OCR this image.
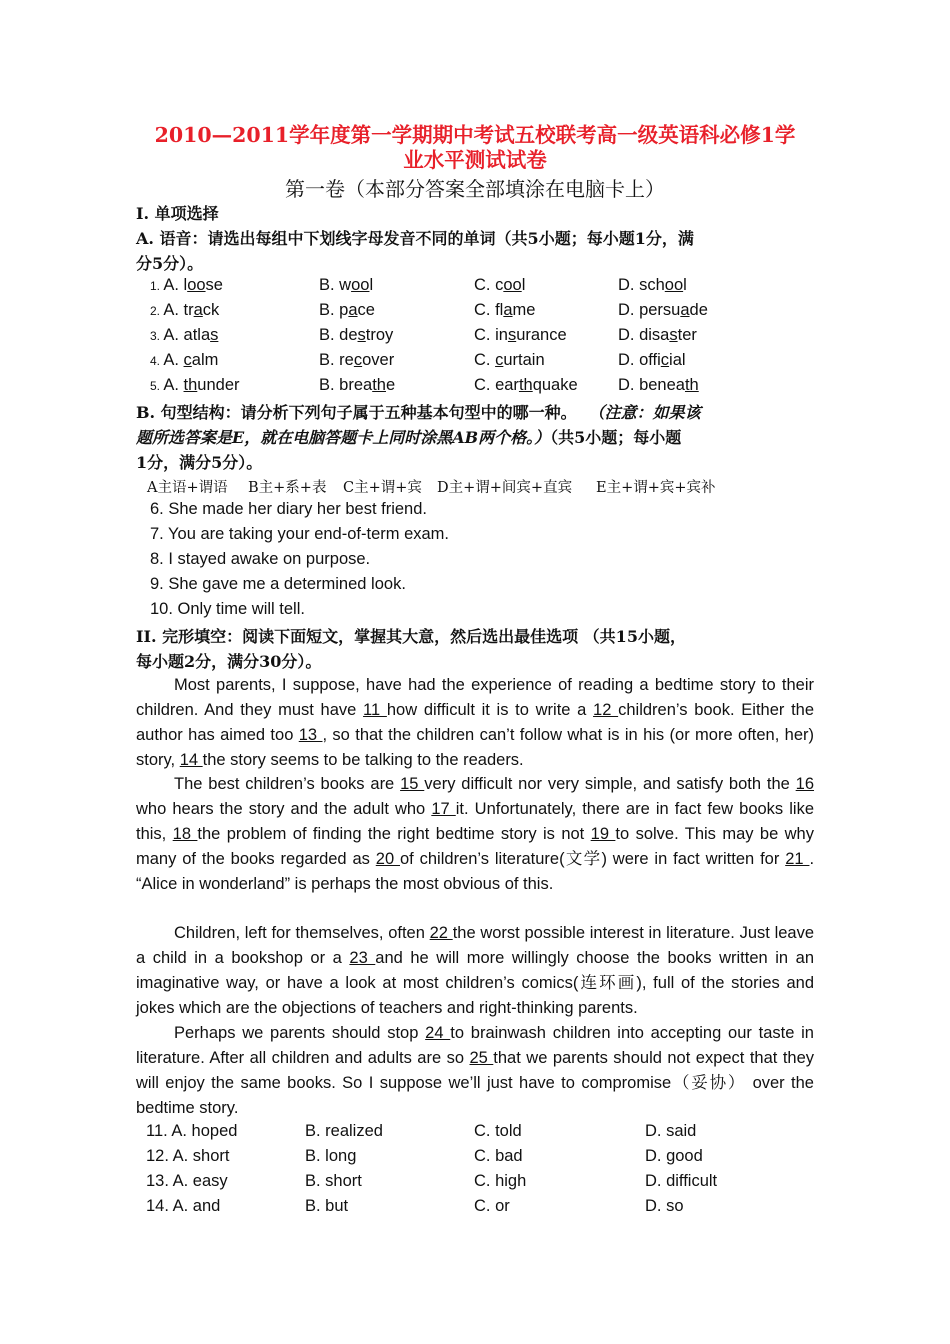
2010—2011学年度第一学期期中考试五校联考高一级英语科必修1学
业水平测试试卷
第一卷（本部分答案全部填涂在电脑卡上）
I. 单项选择
A. 语音：请选出每组中下划线字母发音不同的单词（共5小题；每小题1分，满
分5分）。
1. A. loose	B. wool	C. cool	D. school
2. A. track	B. pace	C. flame	D. persuade
3. A. atlas	B. destroy	C. insurance	D. disaster
4. A. calm	B. recover	C. curtain	D. official
5. A. thunder	B. breathe	C. earthquake D. beneath
B. 句型结构：请分析下列句子属于五种基本句型中的哪一种。 （注意：如果该
题所选答案是E，就在电脑答题卡上同时涂黑AB两个格。）（共5小题；每小题
1分，满分5分）。
A主语+谓语 B主+系+表 C主+谓+宾 D主+谓+间宾+直宾 E主+谓+宾+宾补
6. She made her diary her best friend.
7. You are taking your end-of-term exam.
8. I stayed awake on purpose.
9. She gave me a determined look.
10. Only time will tell.
II. 完形填空：阅读下面短文，掌握其大意，然后选出最佳选项 （共15小题，
每小题2分，满分30分）。
Most parents, I suppose, have had the experience of reading a bedtime story to their children. And they must have 11 how difficult it is to write a 12 children’s book. Either the author has aimed too 13 , so that the children can’t follow what is in his (or more often, her) story, 14 the story seems to be talking to the readers.
The best children’s books are 15 very difficult nor very simple, and satisfy both the 16 who hears the story and the adult who 17 it. Unfortunately, there are in fact few books like this, 18 the problem of finding the right bedtime story is not 19 to solve. This may be why many of the books regarded as 20 of children’s literature(文学) were in fact written for 21 . “Alice in wonderland” is perhaps the most obvious of this.
Children, left for themselves, often 22 the worst possible interest in literature. Just leave a child in a bookshop or a 23 and he will more willingly choose the books written in an imaginative way, or have a look at most children’s comics(连环画), full of the stories and jokes which are the objections of teachers and right-thinking parents.
Perhaps we parents should stop 24 to brainwash children into accepting our taste in literature. After all children and adults are so 25 that we parents should not expect that they will enjoy the same books. So I suppose we’ll just have to compromise（妥协） over the bedtime story.
11. A. hoped	B. realized	C. told	D. said
12. A. short	B. long	C. bad	D. good
13. A. easy	B. short	C. high	D. difficult
14. A. and	B. but	C. or	D. so
